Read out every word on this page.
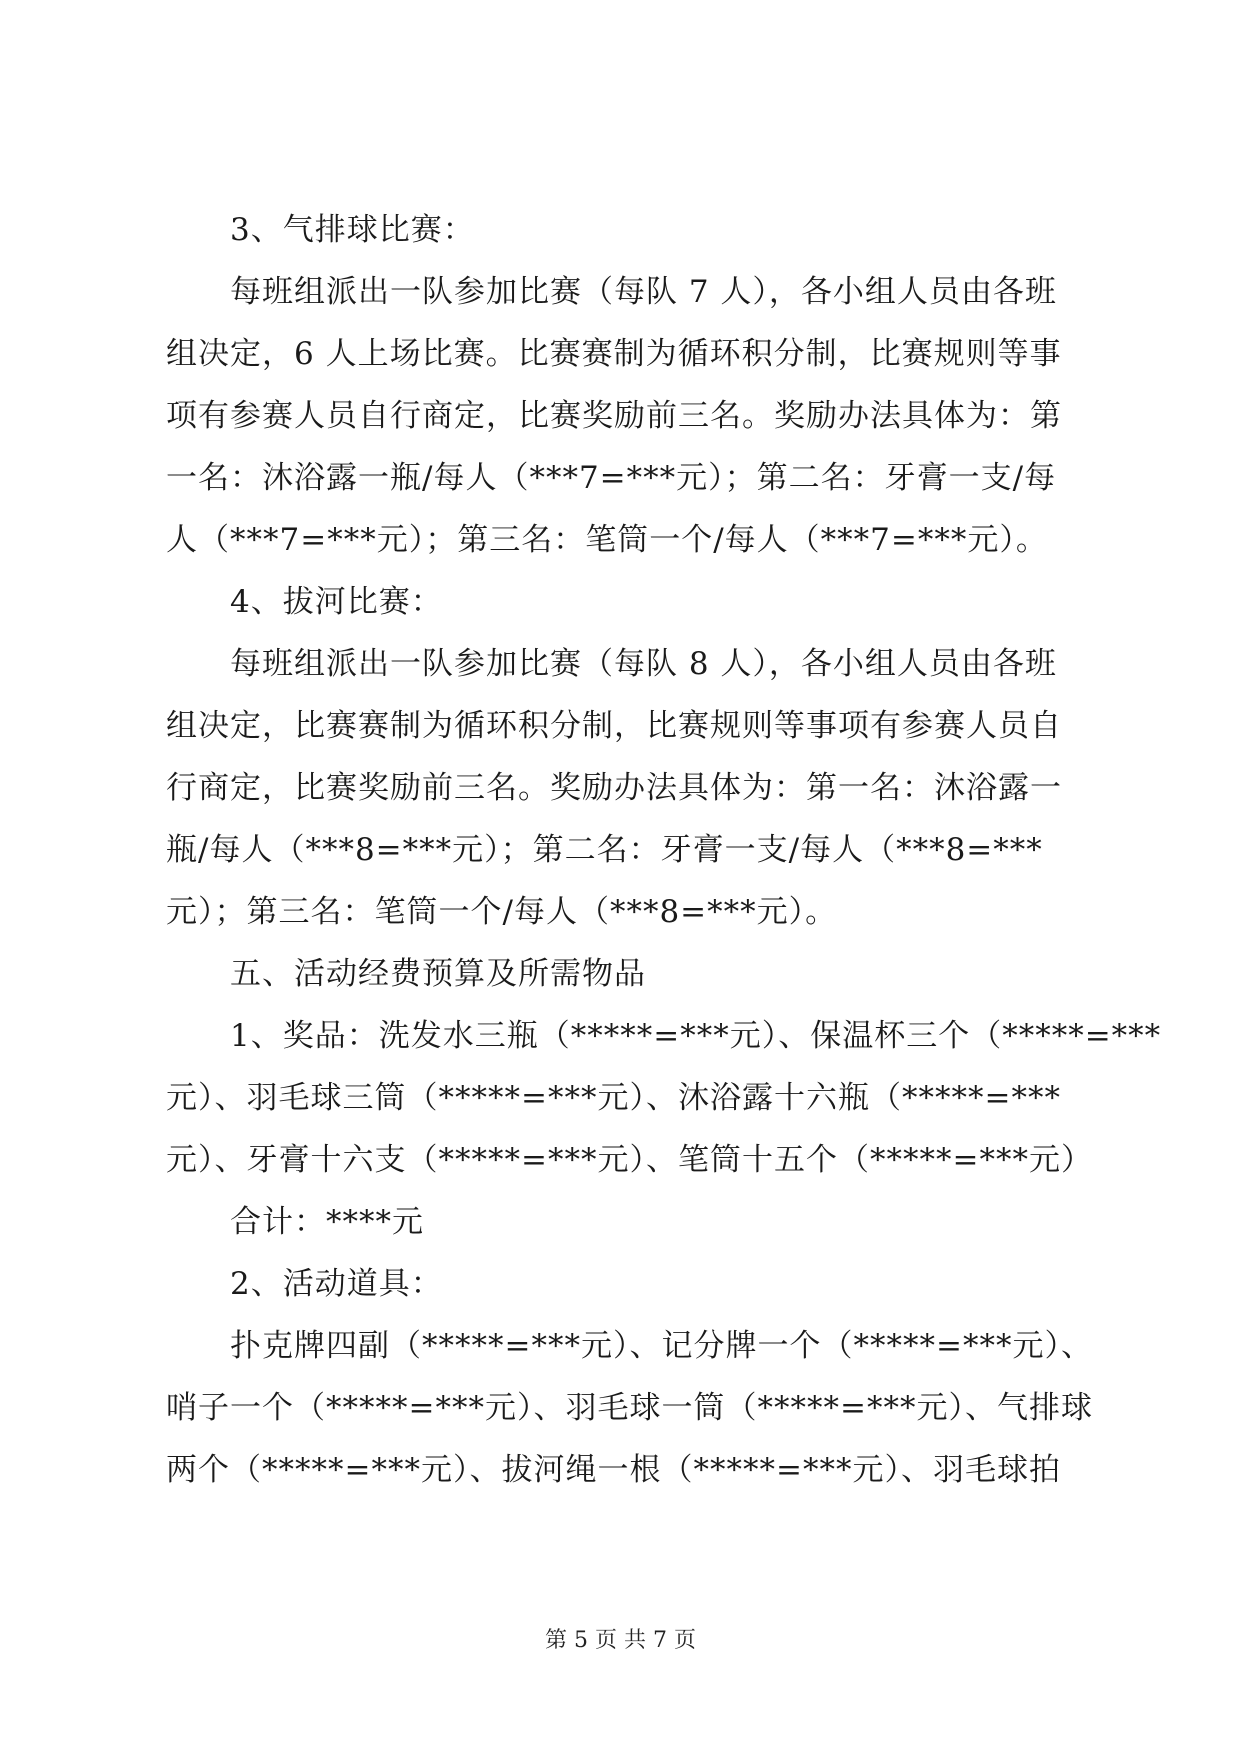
3、气排球比赛：
每班组派出一队参加比赛（每队 7 人），各小组人员由各班
组决定，6 人上场比赛。比赛赛制为循环积分制，比赛规则等事
项有参赛人员自行商定，比赛奖励前三名。奖励办法具体为：第
一名：沐浴露一瓶/每人（***7=***元）；第二名：牙膏一支/每
人（***7=***元）；第三名：笔筒一个/每人（***7=***元）。
4、拔河比赛：
每班组派出一队参加比赛（每队 8 人），各小组人员由各班
组决定，比赛赛制为循环积分制，比赛规则等事项有参赛人员自
行商定，比赛奖励前三名。奖励办法具体为：第一名：沐浴露一
瓶/每人（***8=***元）；第二名：牙膏一支/每人（***8=***
元）；第三名：笔筒一个/每人（***8=***元）。
五、活动经费预算及所需物品
1、奖品：洗发水三瓶（*****=***元）、保温杯三个（*****=***
元）、羽毛球三筒（*****=***元）、沐浴露十六瓶（*****=***
元）、牙膏十六支（*****=***元）、笔筒十五个（*****=***元）
合计：****元
2、活动道具：
扑克牌四副（*****=***元）、记分牌一个（*****=***元）、
哨子一个（*****=***元）、羽毛球一筒（*****=***元）、气排球
两个（*****=***元）、拔河绳一根（*****=***元）、羽毛球拍
第 5 页 共 7 页
